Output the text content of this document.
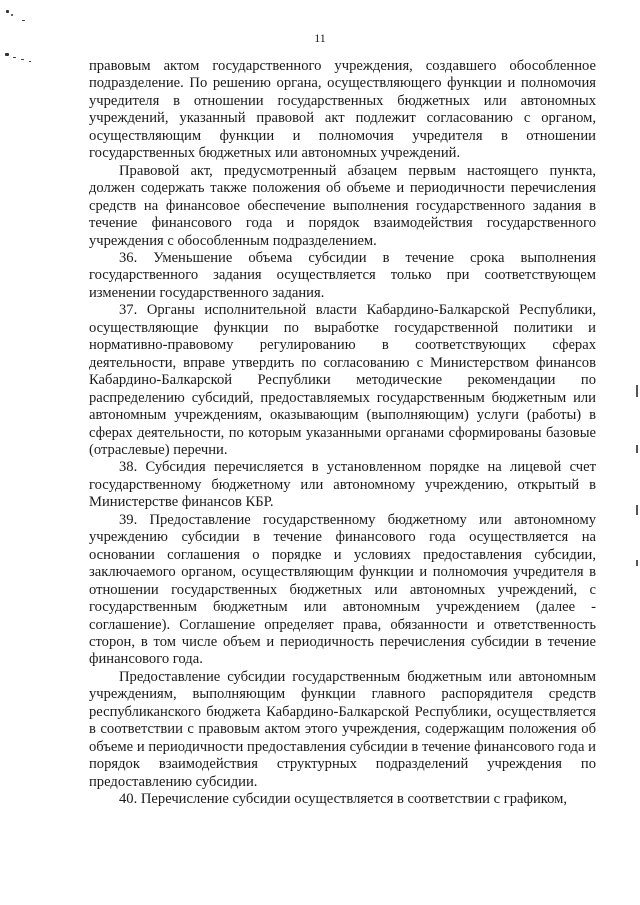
11

правовым актом государственного учреждения, создавшего обособленное подразделение. По решению органа, осуществляющего функции и полномочия учредителя в отношении государственных бюджетных или автономных учреждений, указанный правовой акт подлежит согласованию с органом, осуществляющим функции и полномочия учредителя в отношении государственных бюджетных или автономных учреждений.

Правовой акт, предусмотренный абзацем первым настоящего пункта, должен содержать также положения об объеме и периодичности перечисления средств на финансовое обеспечение выполнения государственного задания в течение финансового года и порядок взаимодействия государственного учреждения с обособленным подразделением.

36. Уменьшение объема субсидии в течение срока выполнения государственного задания осуществляется только при соответствующем изменении государственного задания.

37. Органы исполнительной власти Кабардино-Балкарской Республики, осуществляющие функции по выработке государственной политики и нормативно-правовому регулированию в соответствующих сферах деятельности, вправе утвердить по согласованию с Министерством финансов Кабардино-Балкарской Республики методические рекомендации по распределению субсидий, предоставляемых государственным бюджетным или автономным учреждениям, оказывающим (выполняющим) услуги (работы) в сферах деятельности, по которым указанными органами сформированы базовые (отраслевые) перечни.

38. Субсидия перечисляется в установленном порядке на лицевой счет государственному бюджетному или автономному учреждению, открытый в Министерстве финансов КБР.

39. Предоставление государственному бюджетному или автономному учреждению субсидии в течение финансового года осуществляется на основании соглашения о порядке и условиях предоставления субсидии, заключаемого органом, осуществляющим функции и полномочия учредителя в отношении государственных бюджетных или автономных учреждений, с государственным бюджетным или автономным учреждением (далее - соглашение). Соглашение определяет права, обязанности и ответственность сторон, в том числе объем и периодичность перечисления субсидии в течение финансового года.

Предоставление субсидии государственным бюджетным или автономным учреждениям, выполняющим функции главного распорядителя средств республиканского бюджета Кабардино-Балкарской Республики, осуществляется в соответствии с правовым актом этого учреждения, содержащим положения об объеме и периодичности предоставления субсидии в течение финансового года и порядок взаимодействия структурных подразделений учреждения по предоставлению субсидии.

40. Перечисление субсидии осуществляется в соответствии с графиком,
